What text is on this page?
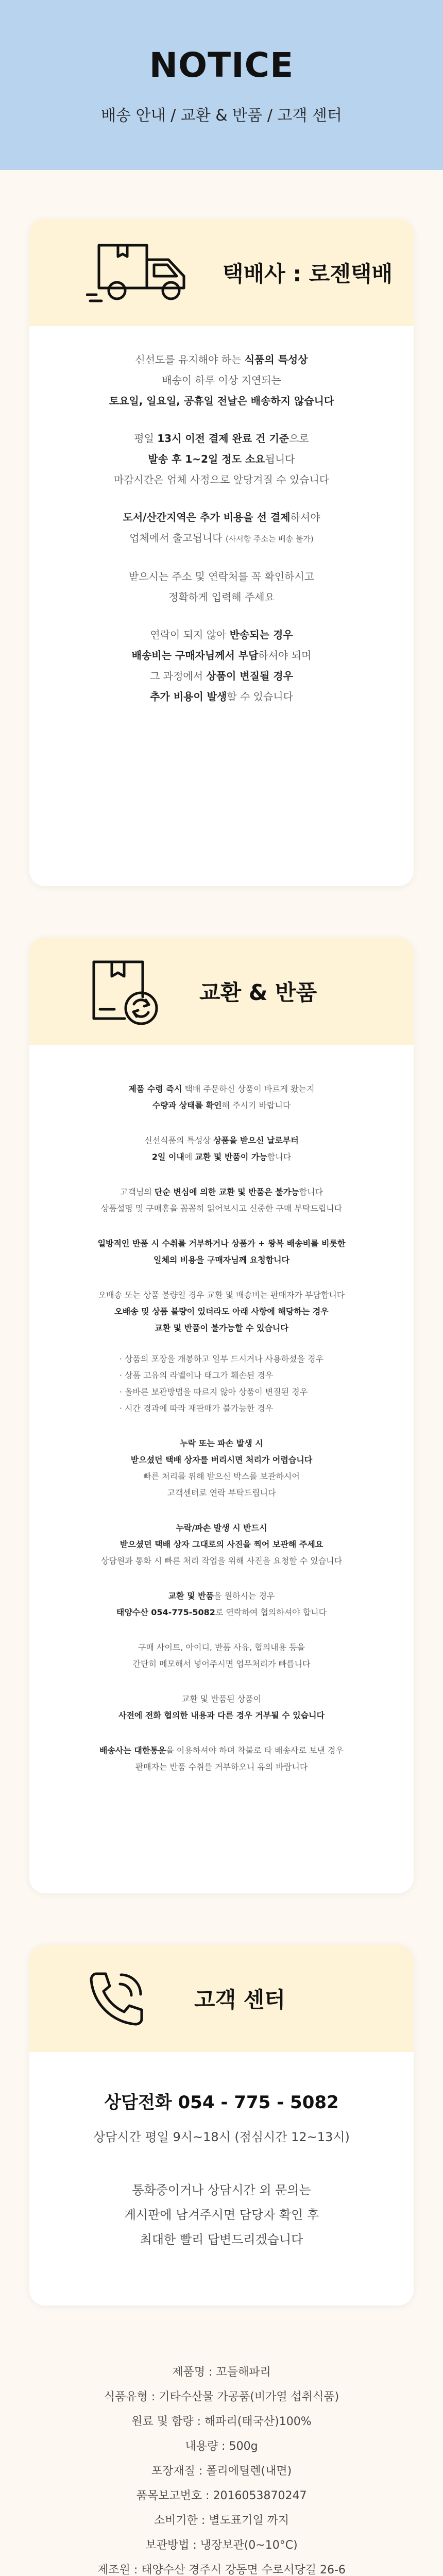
NOTICE
배송 안내 / 교환 & 반품 / 고객 센터
택배사 : 로젠택배
신선도를 유지해야 하는 식품의 특성상
배송이 하루 이상 지연되는
토요일, 일요일, 공휴일 전날은 배송하지 않습니다
평일 13시 이전 결제 완료 건 기준으로
발송 후 1~2일 정도 소요됩니다
마감시간은 업체 사정으로 앞당겨질 수 있습니다
도서/산간지역은 추가 비용을 선 결제하셔야
업체에서 출고됩니다 (사서함 주소는 배송 불가)
받으시는 주소 및 연락처를 꼭 확인하시고
정확하게 입력해 주세요
연락이 되지 않아 반송되는 경우
배송비는 구매자님께서 부담하셔야 되며
그 과정에서 상품이 변질될 경우
추가 비용이 발생할 수 있습니다
교환 & 반품
제품 수령 즉시 택배 주문하신 상품이 바르게 왔는지
수량과 상태를 확인해 주시기 바랍니다
신선식품의 특성상 상품을 받으신 날로부터
2일 이내에 교환 및 반품이 가능합니다
고객님의 단순 변심에 의한 교환 및 반품은 불가능합니다
상품설명 및 구매홍을 꼼꼼히 읽어보시고 신중한 구매 부탁드립니다
일방적인 반품 시 수취를 거부하거나 상품가 + 왕복 배송비를 비롯한
일체의 비용을 구매자님께 요청합니다
오배송 또는 상품 불량일 경우 교환 및 배송비는 판매자가 부담합니다
오배송 및 상품 불량이 있더라도 아래 사항에 해당하는 경우
교환 및 반품이 불가능할 수 있습니다
· 상품의 포장을 개봉하고 일부 드시거나 사용하셨을 경우
· 상품 고유의 라벨이나 태그가 훼손된 경우
· 올바른 보관방법을 따르지 않아 상품이 변질된 경우
· 시간 경과에 따라 재판매가 불가능한 경우
누락 또는 파손 발생 시
받으셨던 택배 상자를 버리시면 처리가 어렵습니다
빠른 처리를 위해 받으신 박스를 보관하시어
고객센터로 연락 부탁드립니다
누락/파손 발생 시 반드시
받으셨던 택배 상자 그대로의 사진을 찍어 보관해 주세요
상담원과 통화 시 빠른 처리 작업을 위해 사진을 요청할 수 있습니다
교환 및 반품을 원하시는 경우
태양수산 054-775-5082로 연락하여 협의하셔야 합니다
구매 사이트, 아이디, 반품 사유, 협의내용 등을
간단히 메모해서 넣어주시면 업무처리가 빠릅니다
교환 및 반품된 상품이
사전에 전화 협의한 내용과 다른 경우 거부될 수 있습니다
배송사는 대한통운을 이용하셔야 하며 착불로 타 배송사로 보낸 경우
판매자는 반품 수취를 거부하오니 유의 바랍니다
고객 센터
상담전화 054 - 775 - 5082
상담시간 평일 9시~18시 (점심시간 12~13시)
통화중이거나 상담시간 외 문의는
게시판에 남겨주시면 담당자 확인 후
최대한 빨리 답변드리겠습니다
제품명 : 꼬들해파리
식품유형 : 기타수산물 가공품(비가열 섭취식품)
원료 및 함량 : 해파리(태국산)100%
내용량 : 500g
포장재질 : 폴리에틸렌(내면)
품목보고번호 : 2016053870247
소비기한 : 별도표기일 까지
보관방법 : 냉장보관(0~10°C)
제조원 : 태양수산 경주시 강동면 수로서당길 26-6
